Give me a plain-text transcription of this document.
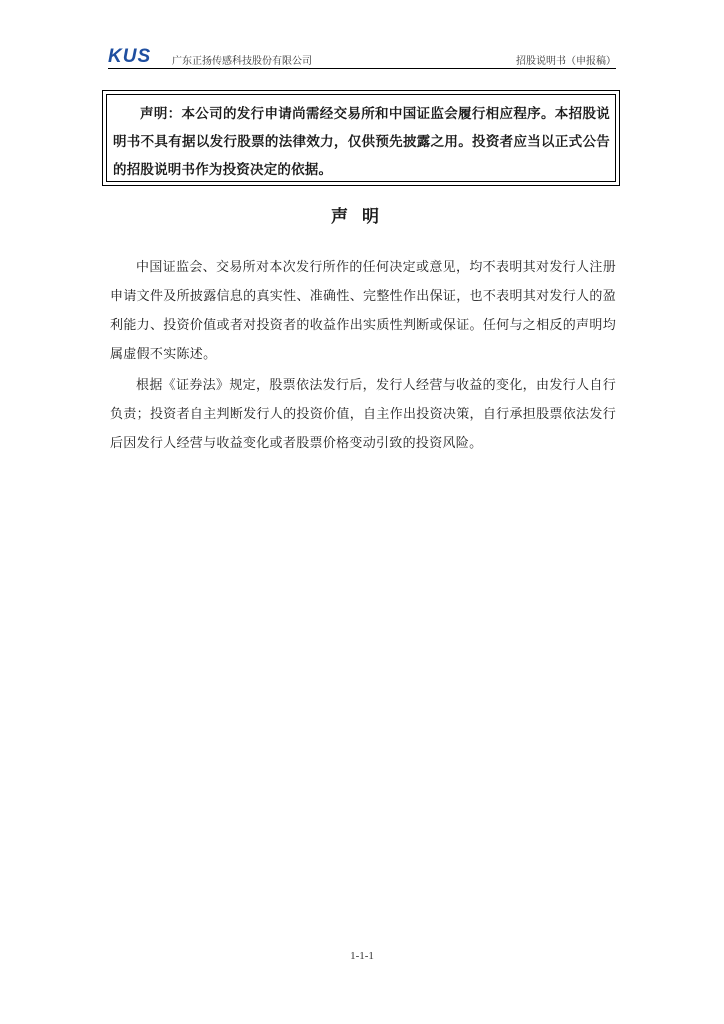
KUS 广东正扬传感科技股份有限公司	招股说明书（申报稿）

声明：本公司的发行申请尚需经交易所和中国证监会履行相应程序。本招股说明书不具有据以发行股票的法律效力，仅供预先披露之用。投资者应当以正式公告的招股说明书作为投资决定的依据。

声明

中国证监会、交易所对本次发行所作的任何决定或意见，均不表明其对发行人注册申请文件及所披露信息的真实性、准确性、完整性作出保证，也不表明其对发行人的盈利能力、投资价值或者对投资者的收益作出实质性判断或保证。任何与之相反的声明均属虚假不实陈述。

根据《证券法》规定，股票依法发行后，发行人经营与收益的变化，由发行人自行负责；投资者自主判断发行人的投资价值，自主作出投资决策，自行承担股票依法发行后因发行人经营与收益变化或者股票价格变动引致的投资风险。

1-1-1
